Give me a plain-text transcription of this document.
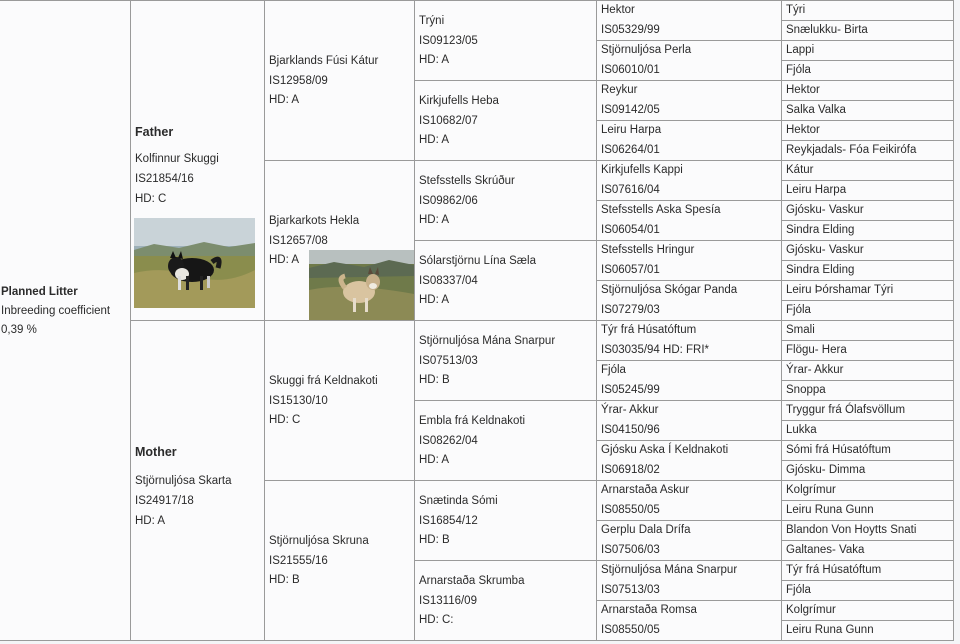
Planned Litter
Inbreeding coefficient
0,39 %
Father
Kolfinnur Skuggi
IS21854/16
HD: C
Mother
Stjörnuljósa Skarta
IS24917/18
HD: A
Bjarklands Fúsi Kátur
IS12958/09
HD: A
Bjarkarkots Hekla
IS12657/08
HD: A
Skuggi frá Keldnakoti
IS15130/10
HD: C
Stjörnuljósa Skruna
IS21555/16
HD: B
Trýni
IS09123/05
HD: A
Kirkjufells Heba
IS10682/07
HD: A
Stefsstells Skrúður
IS09862/06
HD: A
Sólarstjörnu Lína Sæla
IS08337/04
HD: A
Stjörnuljósa Mána Snarpur
IS07513/03
HD: B
Embla frá Keldnakoti
IS08262/04
HD: A
Snætinda Sómi
IS16854/12
HD: B
Arnarstaða Skrumba
IS13116/09
HD: C:
Hektor
IS05329/99
Stjörnuljósa Perla
IS06010/01
Reykur
IS09142/05
Leiru Harpa
IS06264/01
Kirkjufells Kappi
IS07616/04
Stefsstells Aska Spesía
IS06054/01
Stefsstells Hringur
IS06057/01
Stjörnuljósa Skógar Panda
IS07279/03
Týr frá Húsatóftum
IS03035/94 HD: FRI*
Fjóla
IS05245/99
Ýrar- Akkur
IS04150/96
Gjósku Aska Í Keldnakoti
IS06918/02
Arnarstaða Askur
IS08550/05
Gerplu Dala Drífa
IS07506/03
Stjörnuljósa Mána Snarpur
IS07513/03
Arnarstaða Romsa
IS08550/05
Týri
Snælukku- Birta
Lappi
Fjóla
Hektor
Salka Valka
Hektor
Reykjadals- Fóa Feikirófa
Kátur
Leiru Harpa
Gjósku- Vaskur
Sindra Elding
Gjósku- Vaskur
Sindra Elding
Leiru Þórshamar Týri
Fjóla
Smali
Flögu- Hera
Ýrar- Akkur
Snoppa
Tryggur frá Ólafsvöllum
Lukka
Sómi frá Húsatóftum
Gjósku- Dimma
Kolgrímur
Leiru Runa Gunn
Blandon Von Hoytts Snati
Galtanes- Vaka
Týr frá Húsatóftum
Fjóla
Kolgrímur
Leiru Runa Gunn
